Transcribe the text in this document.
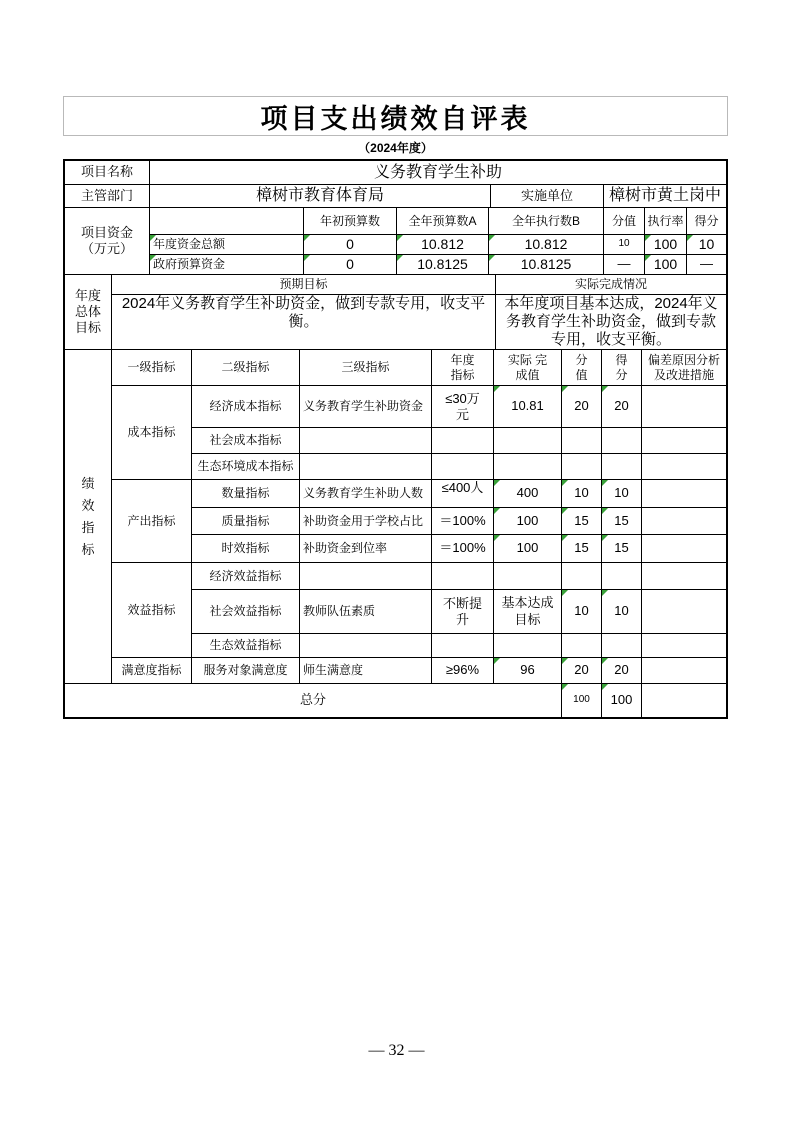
项目支出绩效自评表
（2024年度）
项目名称	义务教育学生补助
主管部门	樟树市教育体育局	实施单位	樟树市黄土岗中
项目资金（万元）		年初预算数	全年预算数A	全年执行数B	分值	执行率	得分
	年度资金总额	0	10.812	10.812	10	100	10
	政府预算资金	0	10.8125	10.8125	—	100	—
年度总体目标	预期目标	实际完成情况
	2024年义务教育学生补助资金，做到专款专用，收支平衡。	本年度项目基本达成，2024年义务教育学生补助资金，做到专款专用，收支平衡。
绩效指标	一级指标	二级指标	三级指标	年度指标	实际 完成值	分值	得分	偏差原因分析及改进措施

	成本指标	经济成本指标	义务教育学生补助资金	≤30万元	10.81	20	20	
		社会成本指标						
		生态环境成本指标						
	产出指标	数量指标	义务教育学生补助人数	≤400人	400	10	10	
		质量指标	补助资金用于学校占比	＝100%	100	15	15	
		时效指标	补助资金到位率	＝100%	100	15	15	
	效益指标	经济效益指标						
		社会效益指标	教师队伍素质	不断提升	基本达成目标	10	10	
		生态效益指标						
	满意度指标	服务对象满意度	师生满意度	≥96%	96	20	20	
总分						100	100	
— 32 —
